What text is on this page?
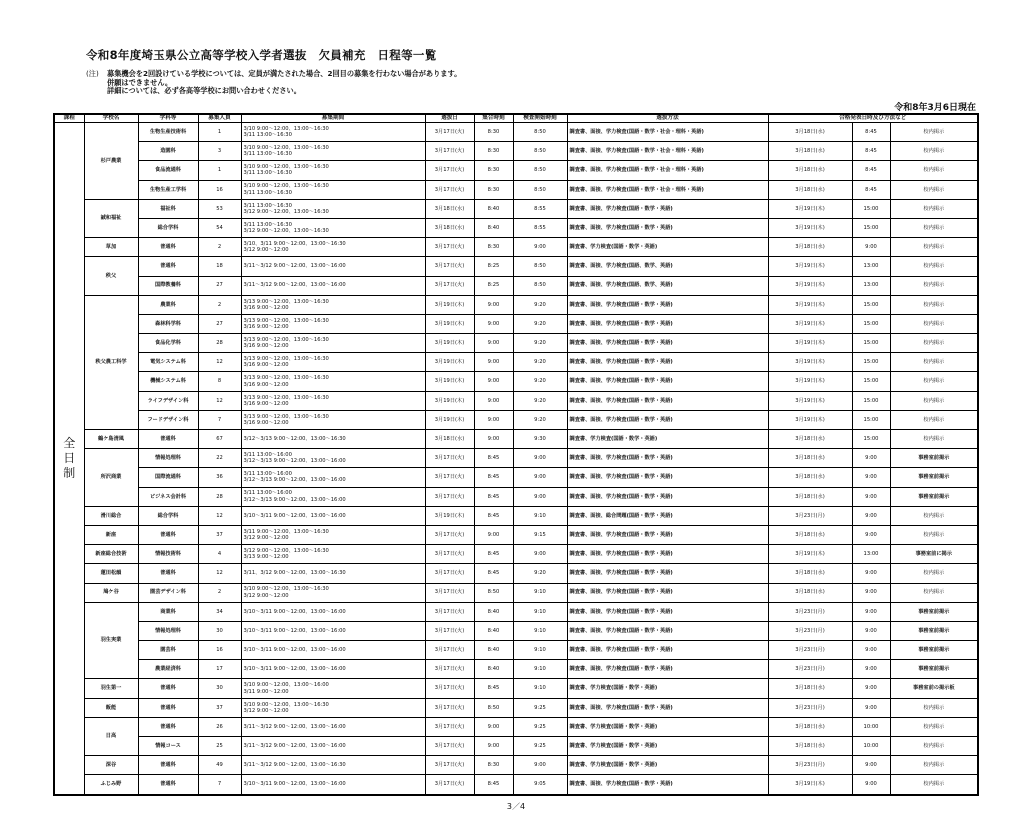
令和8年度埼玉県公立高等学校入学者選抜　欠員補充　日程等一覧
(注)	募集機会を2回設けている学校については、定員が満たされた場合、2回目の募集を行わない場合があります。
併願はできません。
詳細については、必ず各高等学校にお問い合わせください。
令和8年3月6日現在
課程	学校名	学科等	募集人員	募集期間	選抜日	集合時刻	検査開始時刻	選抜方法	合格発表日時及び方法など		

全日制	杉戸農業	生物生産技術科	1	3/10 9:00～12:00、13:00～16:30
3/11 13:00～16:30	3月17日(火)	8:30	8:50	調査書、面接、学力検査(国語・数学・社会・理科・英語)	3月18日(水)	8:45	校内掲示
		造園科	3	3/10 9:00～12:00、13:00～16:30
3/11 13:00～16:30	3月17日(火)	8:30	8:50	調査書、面接、学力検査(国語・数学・社会・理科・英語)	3月18日(水)	8:45	校内掲示
		食品流通科	1	3/10 9:00～12:00、13:00～16:30
3/11 13:00～16:30	3月17日(火)	8:30	8:50	調査書、面接、学力検査(国語・数学・社会・理科・英語)	3月18日(水)	8:45	校内掲示
		生物生産工学科	16	3/10 9:00～12:00、13:00～16:30
3/11 13:00～16:30	3月17日(火)	8:30	8:50	調査書、面接、学力検査(国語・数学・社会・理科・英語)	3月18日(水)	8:45	校内掲示
	誠和福祉	福祉科	53	3/11 13:00～16:30
3/12 9:00～12:00、13:00～16:30	3月18日(水)	8:40	8:55	調査書、面接、学力検査(国語・数学・英語)	3月19日(木)	15:00	校内掲示
		総合学科	54	3/11 13:00～16:30
3/12 9:00～12:00、13:00～16:30	3月18日(水)	8:40	8:55	調査書、面接、学力検査(国語・数学・英語)	3月19日(木)	15:00	校内掲示
	草加	普通科	2	3/10、3/11 9:00～12:00、13:00～16:30
3/12 9:00～12:00	3月17日(火)	8:30	9:00	調査書、学力検査(国語・数学・英語)	3月18日(水)	9:00	校内掲示
	秩父	普通科	18	3/11～3/12 9:00～12:00、13:00～16:00	3月17日(火)	8:25	8:50	調査書、面接、学力検査(国語、数学、英語)	3月19日(木)	13:00	校内掲示
		国際教養科	27	3/11～3/12 9:00～12:00、13:00～16:00	3月17日(火)	8:25	8:50	調査書、面接、学力検査(国語、数学、英語)	3月19日(木)	13:00	校内掲示
	秩父農工科学	農業科	2	3/13 9:00～12:00、13:00～16:30
3/16 9:00～12:00	3月19日(木)	9:00	9:20	調査書、面接、学力検査(国語・数学・英語)	3月19日(木)	15:00	校内掲示
		森林科学科	27	3/13 9:00～12:00、13:00～16:30
3/16 9:00～12:00	3月19日(木)	9:00	9:20	調査書、面接、学力検査(国語・数学・英語)	3月19日(木)	15:00	校内掲示
		食品化学科	28	3/13 9:00～12:00、13:00～16:30
3/16 9:00～12:00	3月19日(木)	9:00	9:20	調査書、面接、学力検査(国語・数学・英語)	3月19日(木)	15:00	校内掲示
		電気システム科	12	3/13 9:00～12:00、13:00～16:30
3/16 9:00～12:00	3月19日(木)	9:00	9:20	調査書、面接、学力検査(国語・数学・英語)	3月19日(木)	15:00	校内掲示
		機械システム科	8	3/13 9:00～12:00、13:00～16:30
3/16 9:00～12:00	3月19日(木)	9:00	9:20	調査書、面接、学力検査(国語・数学・英語)	3月19日(木)	15:00	校内掲示
		ライフデザイン科	12	3/13 9:00～12:00、13:00～16:30
3/16 9:00～12:00	3月19日(木)	9:00	9:20	調査書、面接、学力検査(国語・数学・英語)	3月19日(木)	15:00	校内掲示
		フードデザイン科	7	3/13 9:00～12:00、13:00～16:30
3/16 9:00～12:00	3月19日(木)	9:00	9:20	調査書、面接、学力検査(国語・数学・英語)	3月19日(木)	15:00	校内掲示
	鶴ケ島清風	普通科	67	3/12～3/13 9:00～12:00、13:00～16:30	3月18日(水)	9:00	9:30	調査書、学力検査(国語・数学・英語)	3月18日(水)	15:00	校内掲示
	所沢商業	情報処理科	22	3/11 13:00～16:00
3/12～3/13 9:00～12:00、13:00～16:00	3月17日(火)	8:45	9:00	調査書、面接、学力検査(国語・数学・英語)	3月18日(水)	9:00	事務室前掲示
		国際流通科	36	3/11 13:00～16:00
3/12～3/13 9:00～12:00、13:00～16:00	3月17日(火)	8:45	9:00	調査書、面接、学力検査(国語・数学・英語)	3月18日(水)	9:00	事務室前掲示
		ビジネス会計科	28	3/11 13:00～16:00
3/12～3/13 9:00～12:00、13:00～16:00	3月17日(火)	8:45	9:00	調査書、面接、学力検査(国語・数学・英語)	3月18日(水)	9:00	事務室前掲示
	滑川総合	総合学科	12	3/10～3/11 9:00～12:00、13:00～16:00	3月19日(木)	8:45	9:10	調査書、面接、総合問題(国語・数学・英語)	3月23日(月)	9:00	校内掲示
	新座	普通科	37	3/11 9:00～12:00、13:00～16:30
3/12 9:00～12:00	3月17日(火)	9:00	9:15	調査書、面接、学力検査(国語・数学・英語)	3月18日(水)	9:00	校内掲示
	新座総合技術	情報技術科	4	3/12 9:00～12:00、13:00～16:30
3/13 9:00～12:00	3月17日(火)	8:45	9:00	調査書、面接、学力検査(国語・数学・英語)	3月19日(木)	13:00	事務室前に掲示
	蓮田松韻	普通科	12	3/11、3/12 9:00～12:00、13:00～16:30	3月17日(火)	8:45	9:20	調査書、面接、学力検査(国語・数学・英語)	3月18日(水)	9:00	校内掲示
	鳩ケ谷	園芸デザイン科	2	3/10 9:00～12:00、13:00～16:30
3/12 9:00～12:00	3月17日(火)	8:50	9:10	調査書、面接、学力検査(国語・数学・英語)	3月18日(水)	9:00	校内掲示
	羽生実業	商業科	34	3/10～3/11 9:00～12:00、13:00～16:00	3月17日(火)	8:40	9:10	調査書、面接、学力検査(国語・数学・英語)	3月23日(月)	9:00	事務室前掲示
		情報処理科	30	3/10～3/11 9:00～12:00、13:00～16:00	3月17日(火)	8:40	9:10	調査書、面接、学力検査(国語・数学・英語)	3月23日(月)	9:00	事務室前掲示
		園芸科	16	3/10～3/11 9:00～12:00、13:00～16:00	3月17日(火)	8:40	9:10	調査書、面接、学力検査(国語・数学・英語)	3月23日(月)	9:00	事務室前掲示
		農業経済科	17	3/10～3/11 9:00～12:00、13:00～16:00	3月17日(火)	8:40	9:10	調査書、面接、学力検査(国語・数学・英語)	3月23日(月)	9:00	事務室前掲示
	羽生第一	普通科	30	3/10 9:00～12:00、13:00～16:00
3/11 9:00～12:00	3月17日(火)	8:45	9:10	調査書、学力検査(国語・数学・英語)	3月18日(水)	9:00	事務室前の掲示板
	飯能	普通科	37	3/10 9:00～12:00、13:00～16:30
3/12 9:00～12:00	3月17日(火)	8:50	9:25	調査書、面接、学力検査(国語・数学・英語)	3月23日(月)	9:00	校内掲示
	日高	普通科	26	3/11～3/12 9:00～12:00、13:00～16:00	3月17日(火)	9:00	9:25	調査書、学力検査(国語・数学・英語)	3月18日(水)	10:00	校内掲示
		情報コース	25	3/11～3/12 9:00～12:00、13:00～16:00	3月17日(火)	9:00	9:25	調査書、学力検査(国語・数学・英語)	3月18日(水)	10:00	校内掲示
	深谷	普通科	49	3/11～3/12 9:00～12:00、13:00～16:30	3月17日(火)	8:30	9:00	調査書、学力検査(国語・数学・英語)	3月23日(月)	9:00	校内掲示
	ふじみ野	普通科	7	3/10～3/11 9:00～12:00、13:00～16:00	3月17日(火)	8:45	9:05	調査書、面接、学力検査(国語・数学・英語)	3月19日(木)	9:00	校内掲示
3／4
